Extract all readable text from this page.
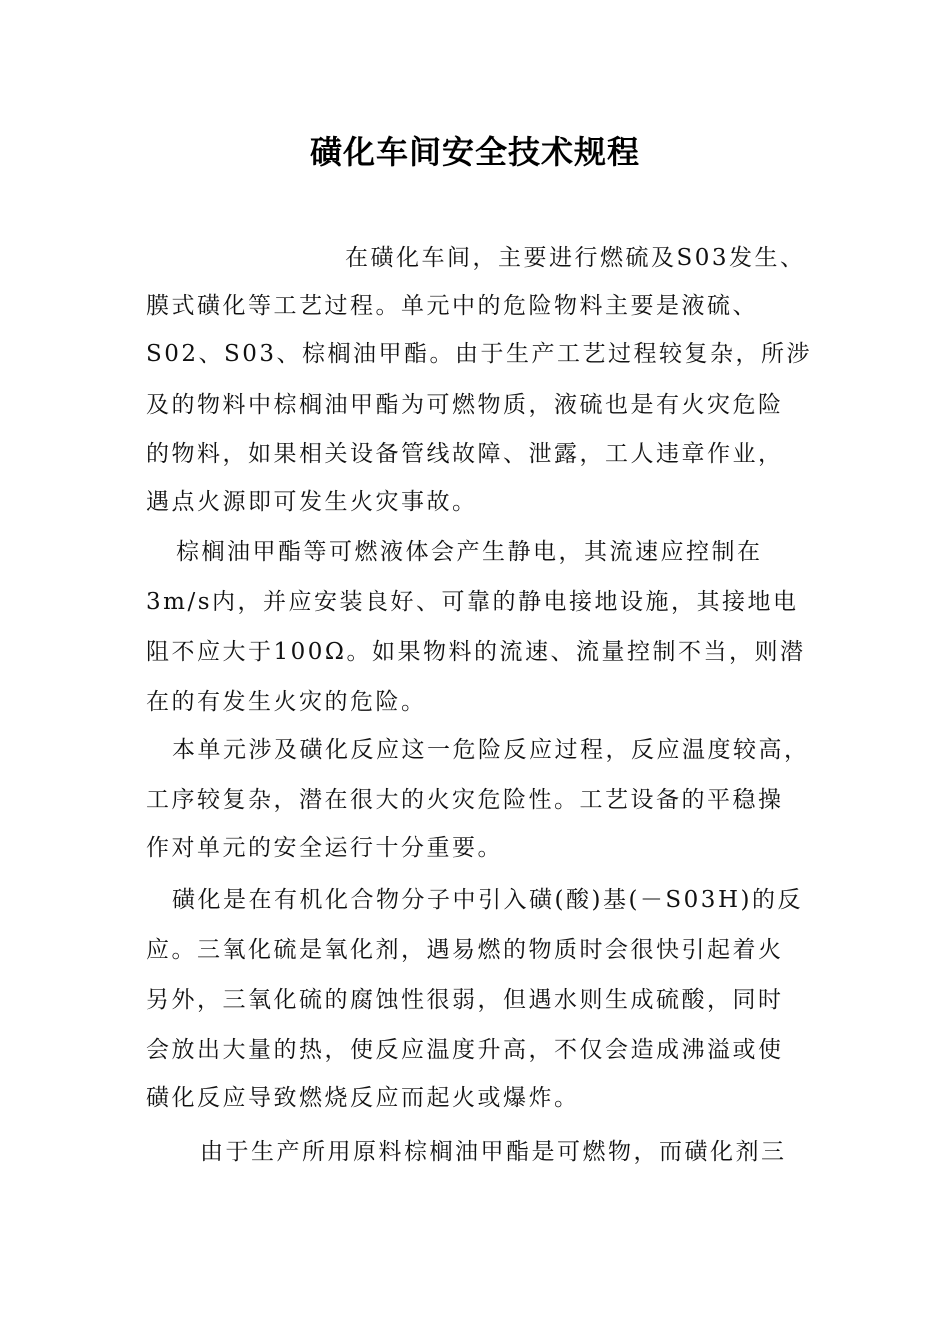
磺化车间安全技术规程
在磺化车间，主要进行燃硫及S03发生、
膜式磺化等工艺过程。单元中的危险物料主要是液硫、
S02、S03、棕榈油甲酯。由于生产工艺过程较复杂，所涉
及的物料中棕榈油甲酯为可燃物质，液硫也是有火灾危险
的物料，如果相关设备管线故障、泄露，工人违章作业，
遇点火源即可发生火灾事故。
棕榈油甲酯等可燃液体会产生静电，其流速应控制在
3m/s内，并应安装良好、可靠的静电接地设施，其接地电
阻不应大于100Ω。如果物料的流速、流量控制不当，则潜
在的有发生火灾的危险。
本单元涉及磺化反应这一危险反应过程，反应温度较高，
工序较复杂，潜在很大的火灾危险性。工艺设备的平稳操
作对单元的安全运行十分重要。
磺化是在有机化合物分子中引入磺(酸)基(－S03H)的反
应。三氧化硫是氧化剂，遇易燃的物质时会很快引起着火
另外，三氧化硫的腐蚀性很弱，但遇水则生成硫酸，同时
会放出大量的热，使反应温度升高，不仅会造成沸溢或使
磺化反应导致燃烧反应而起火或爆炸。
由于生产所用原料棕榈油甲酯是可燃物，而磺化剂三
